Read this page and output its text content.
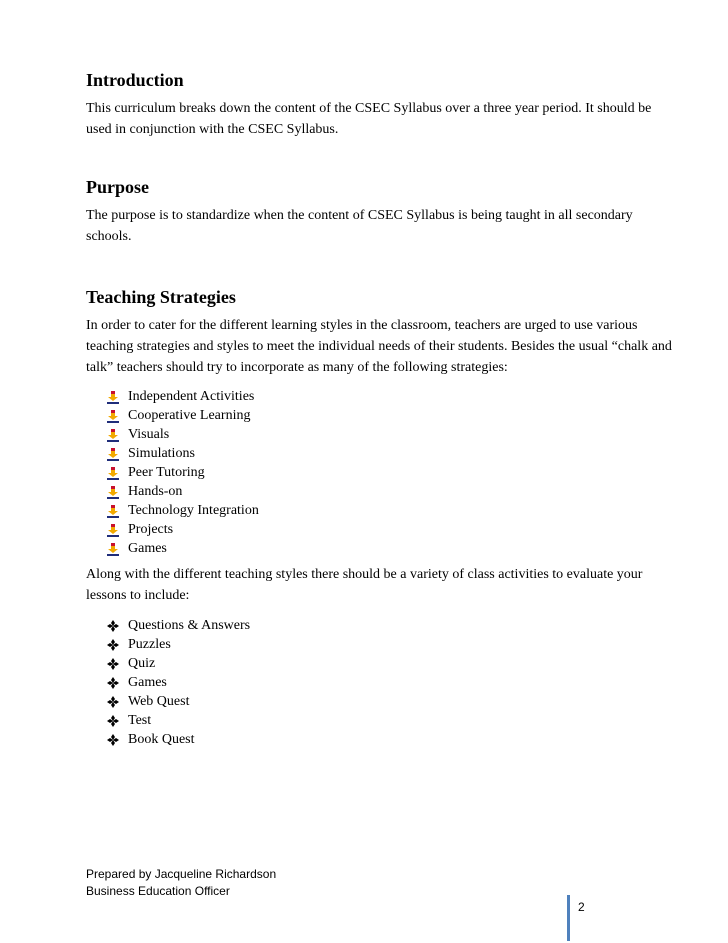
Introduction

This curriculum breaks down the content of the CSEC Syllabus over a three year period. It should be used in conjunction with the CSEC Syllabus.

Purpose

The purpose is to standardize when the content of CSEC Syllabus is being taught in all secondary schools.

Teaching Strategies

In order to cater for the different learning styles in the classroom, teachers are urged to use various teaching strategies and styles to meet the individual needs of their students. Besides the usual “chalk and talk” teachers should try to incorporate as many of the following strategies:

Independent Activities
Cooperative Learning
Visuals
Simulations
Peer Tutoring
Hands-on
Technology Integration
Projects
Games

Along with the different teaching styles there should be a variety of class activities to evaluate your lessons to include:

Questions & Answers
Puzzles
Quiz
Games
Web Quest
Test
Book Quest
Prepared by Jacqueline Richardson
Business Education Officer
2
